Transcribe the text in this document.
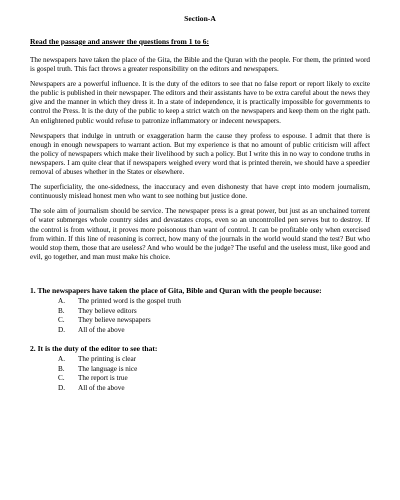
Section-A
Read the passage and answer the questions from 1 to 6:

The newspapers have taken the place of the Gita, the Bible and the Quran with the people. For them, the printed word is gospel truth. This fact throws a greater responsibility on the editors and newspapers.

Newspapers are a powerful influence. It is the duty of the editors to see that no false report or report likely to excite the public is published in their newspaper. The editors and their assistants have to be extra careful about the news they give and the manner in which they dress it. In a state of independence, it is practically impossible for governments to control the Press. It is the duty of the public to keep a strict watch on the newspapers and keep them on the right path. An enlightened public would refuse to patronize inflammatory or indecent newspapers.

Newspapers that indulge in untruth or exaggeration harm the cause they profess to espouse. I admit that there is enough in enough newspapers to warrant action. But my experience is that no amount of public criticism will affect the policy of newspapers which make their livelihood by such a policy. But I write this in no way to condone truths in newspapers. I am quite clear that if newspapers weighed every word that is printed therein, we should have a speedier removal of abuses whether in the States or elsewhere.

The superficiality, the one-sidedness, the inaccuracy and even dishonesty that have crept into modern journalism, continuously mislead honest men who want to see nothing but justice done.

The sole aim of journalism should be service. The newspaper press is a great power, but just as an unchained torrent of water submerges whole country sides and devastates crops, even so an uncontrolled pen serves but to destroy. If the control is from without, it proves more poisonous than want of control. It can be profitable only when exercised from within. If this line of reasoning is correct, how many of the journals in the world would stand the test? But who would stop them, those that are useless? And who would be the judge? The useful and the useless must, like good and evil, go together, and man must make his choice.

1. The newspapers have taken the place of Gita, Bible and Quran with the people because:
A.	The printed word is the gospel truth
B.	They believe editors
C.	They believe newspapers
D.	All of the above
2. It is the duty of the editor to see that:
A.	The printing is clear
B.	The language is nice
C.	The report is true
D.	All of the above
